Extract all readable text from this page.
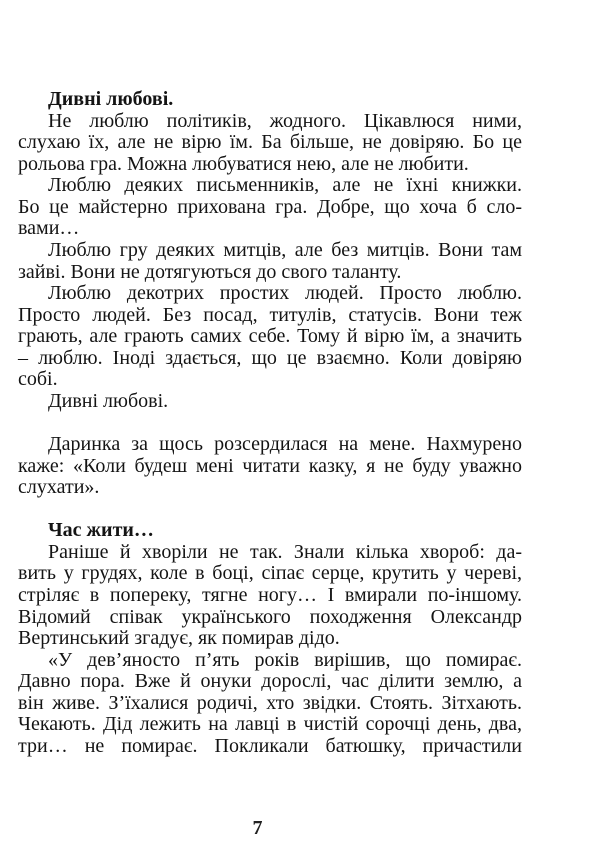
Дивні любові.
Не люблю політиків, жодного. Цікавлюся ними,
слухаю їх, але не вірю їм. Ба більше, не довіряю. Бо це
рольова гра. Можна любуватися нею, але не любити.
Люблю деяких письменників, але не їхні книжки.
Бо це майстерно прихована гра. Добре, що хоча б сло-
вами…
Люблю гру деяких митців, але без митців. Вони там
зайві. Вони не дотягуються до свого таланту.
Люблю декотрих простих людей. Просто люблю.
Просто людей. Без посад, титулів, статусів. Вони теж
грають, але грають самих себе. Тому й вірю їм, а значить
– люблю. Іноді здається, що це взаємно. Коли довіряю
собі.
Дивні любові.
Даринка за щось розсердилася на мене. Нахмурено
каже: «Коли будеш мені читати казку, я не буду уважно
слухати».
Час жити…
Раніше й хворіли не так. Знали кілька хвороб: да-
вить у грудях, коле в боці, сіпає серце, крутить у череві,
стріляє в попереку, тягне ногу… І вмирали по-іншому.
Відомий співак українського походження Олександр
Вертинський згадує, як помирав дідо.
«У дев’яносто п’ять років вирішив, що помирає.
Давно пора. Вже й онуки дорослі, час ділити землю, а
він живе. З’їхалися родичі, хто звідки. Стоять. Зітхають.
Чекають. Дід лежить на лавці в чистій сорочці день, два,
три… не помирає. Покликали батюшку, причастили
7
